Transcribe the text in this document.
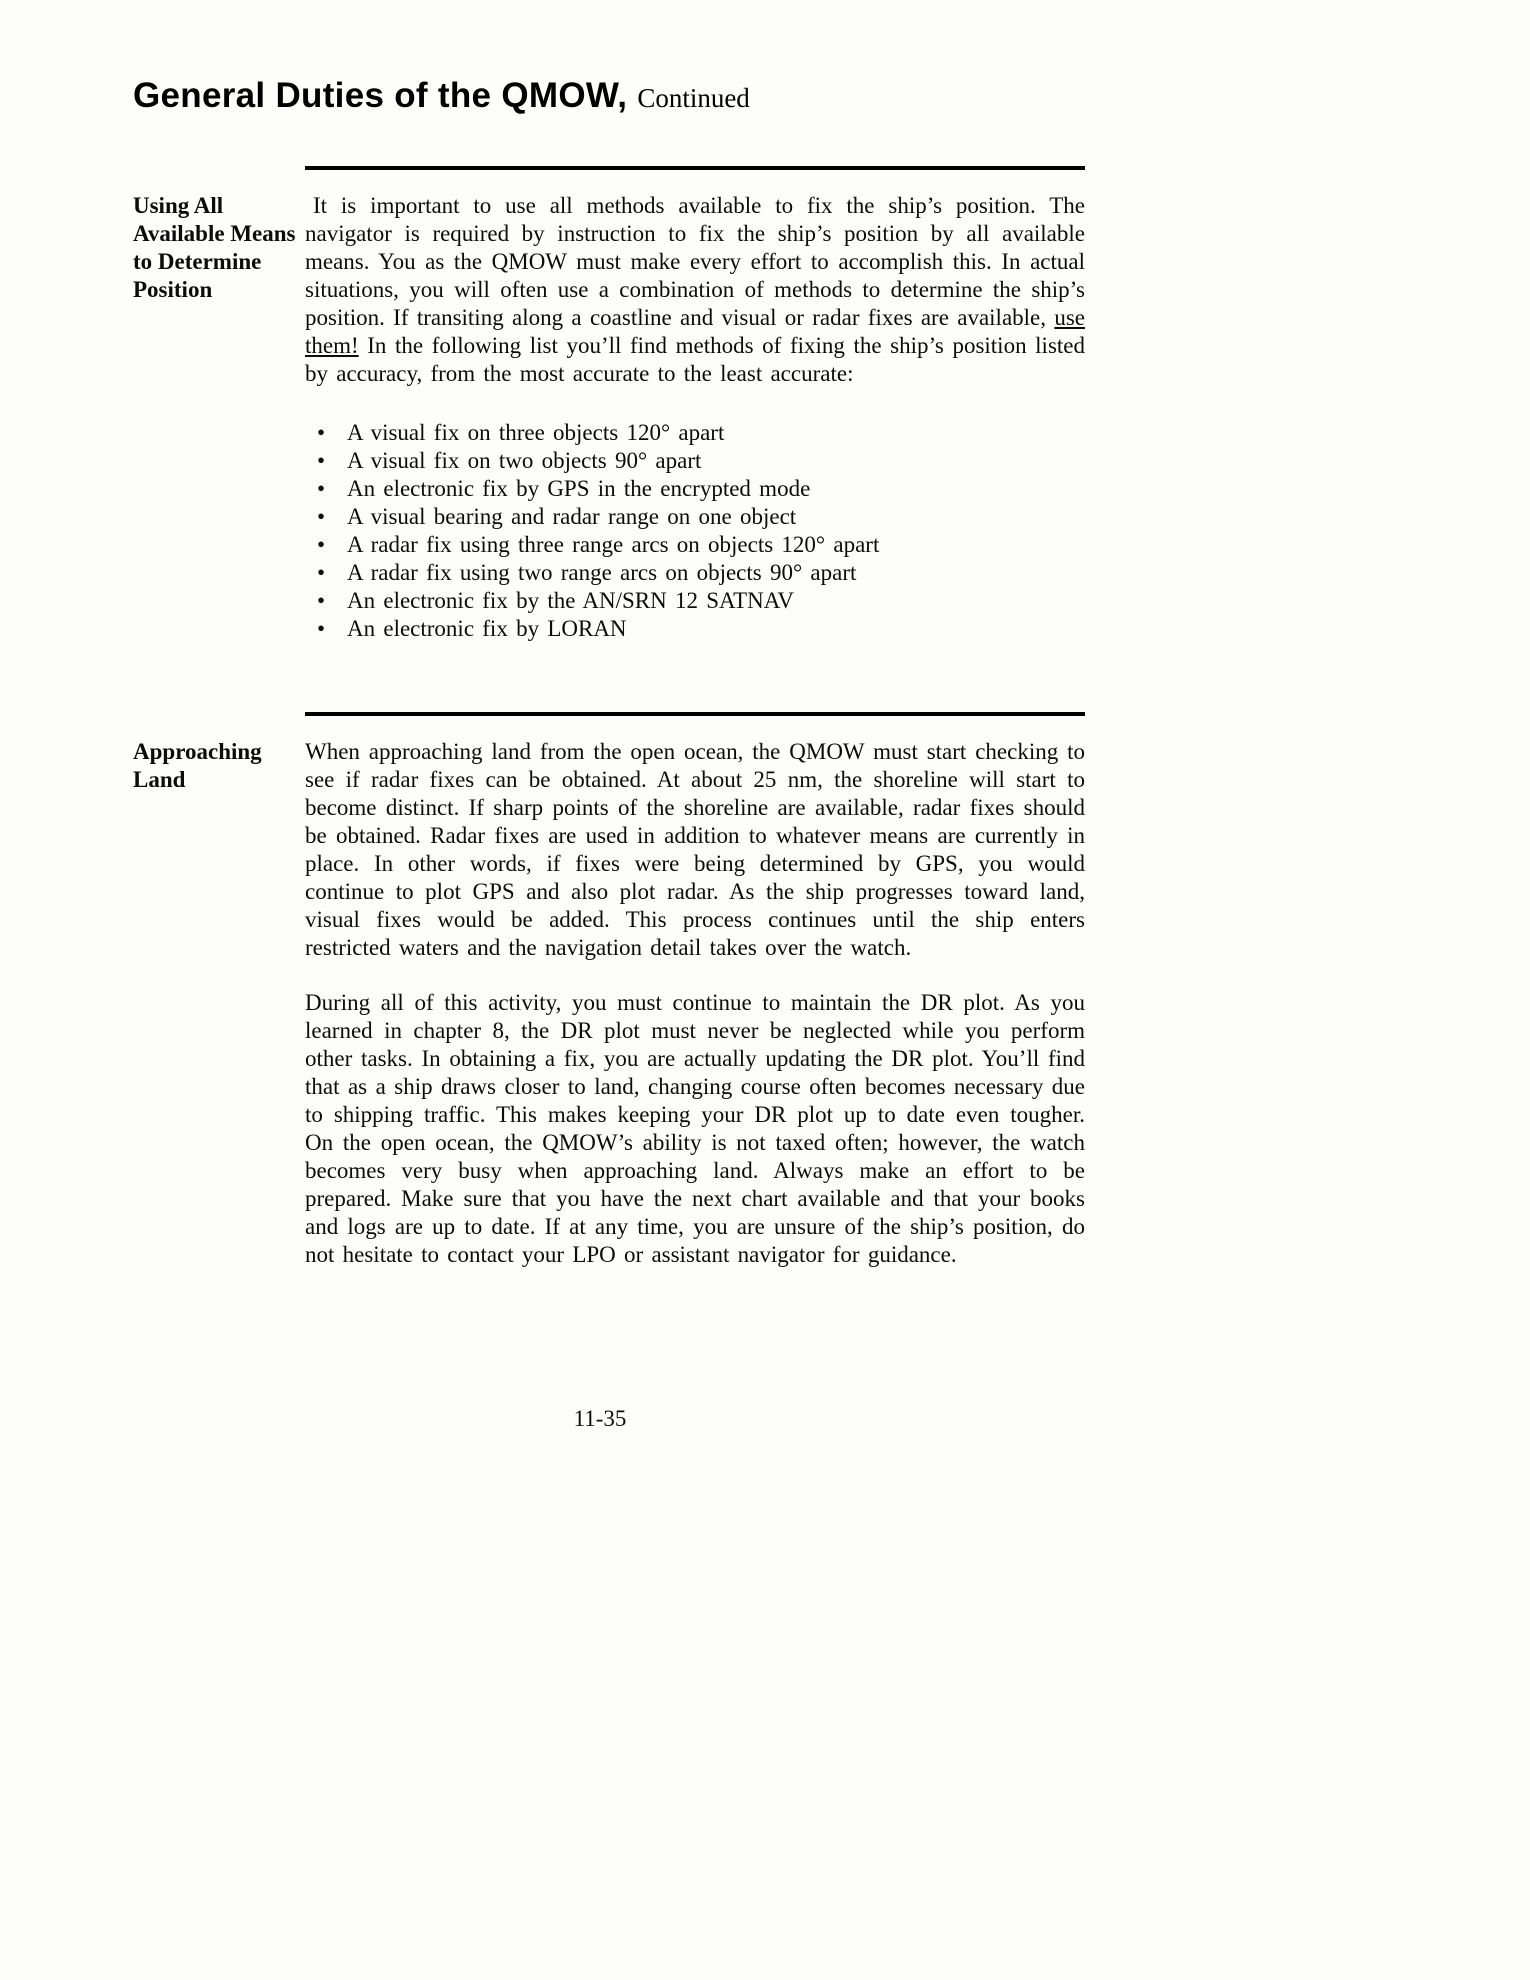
General Duties of the QMOW, Continued
Using All Available Means to Determine Position

It is important to use all methods available to fix the ship’s position. The navigator is required by instruction to fix the ship’s position by all available means. You as the QMOW must make every effort to accomplish this. In actual situations, you will often use a combination of methods to determine the ship’s position. If transiting along a coastline and visual or radar fixes are available, use them! In the following list you’ll find methods of fixing the ship’s position listed by accuracy, from the most accurate to the least accurate:

• A visual fix on three objects 120° apart
• A visual fix on two objects 90° apart
• An electronic fix by GPS in the encrypted mode
• A visual bearing and radar range on one object
• A radar fix using three range arcs on objects 120° apart
• A radar fix using two range arcs on objects 90° apart
• An electronic fix by the AN/SRN 12 SATNAV
• An electronic fix by LORAN
Approaching Land

When approaching land from the open ocean, the QMOW must start checking to see if radar fixes can be obtained. At about 25 nm, the shoreline will start to become distinct. If sharp points of the shoreline are available, radar fixes should be obtained. Radar fixes are used in addition to whatever means are currently in place. In other words, if fixes were being determined by GPS, you would continue to plot GPS and also plot radar. As the ship progresses toward land, visual fixes would be added. This process continues until the ship enters restricted waters and the navigation detail takes over the watch.

During all of this activity, you must continue to maintain the DR plot. As you learned in chapter 8, the DR plot must never be neglected while you perform other tasks. In obtaining a fix, you are actually updating the DR plot. You’ll find that as a ship draws closer to land, changing course often becomes necessary due to shipping traffic. This makes keeping your DR plot up to date even tougher. On the open ocean, the QMOW’s ability is not taxed often; however, the watch becomes very busy when approaching land. Always make an effort to be prepared. Make sure that you have the next chart available and that your books and logs are up to date. If at any time, you are unsure of the ship’s position, do not hesitate to contact your LPO or assistant navigator for guidance.

11-35
